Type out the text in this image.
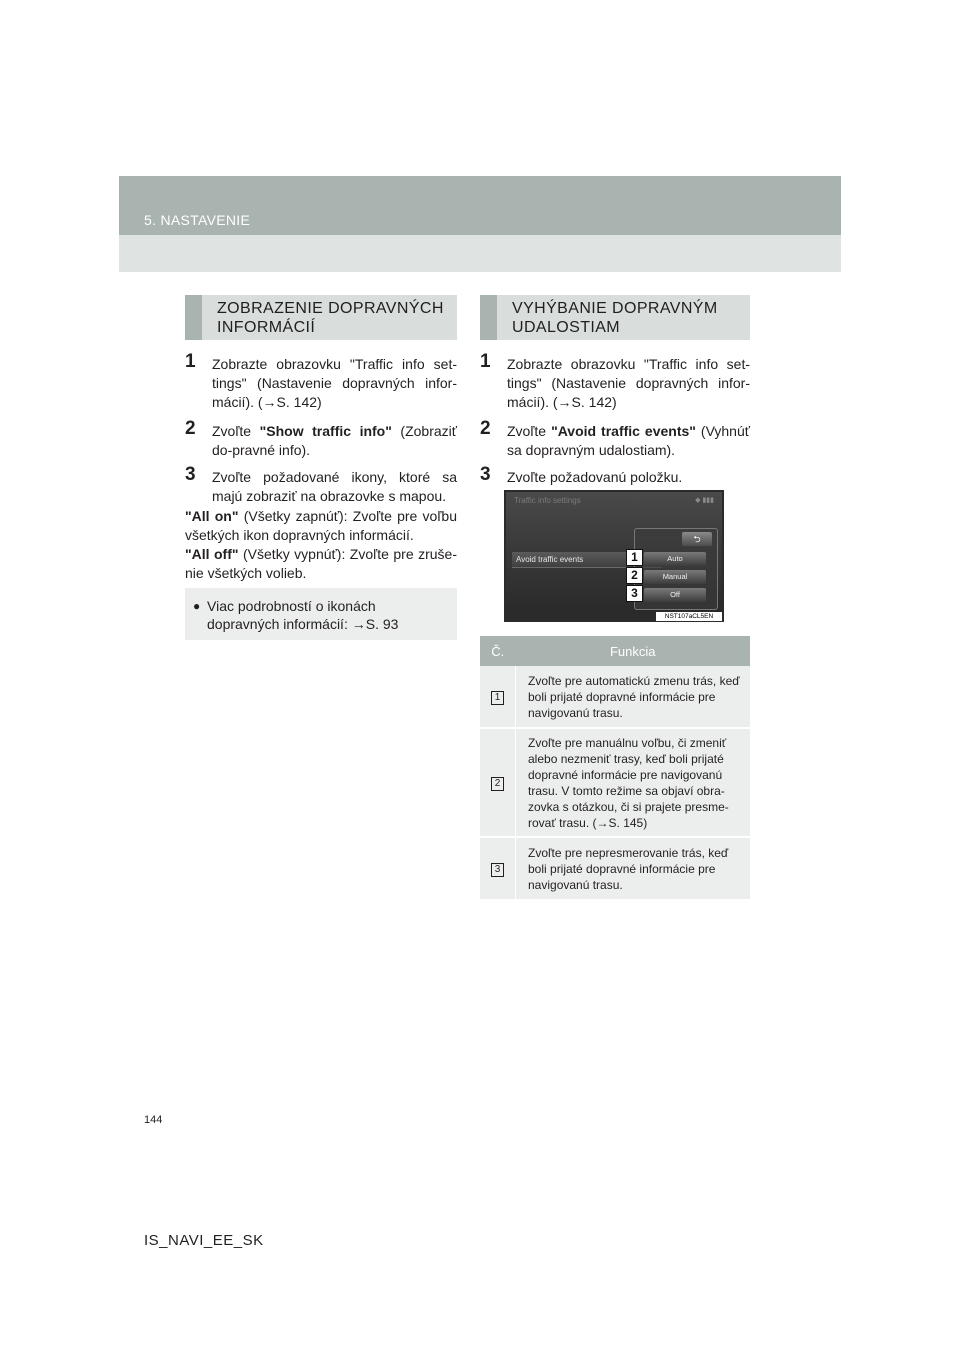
5. NASTAVENIE
ZOBRAZENIE DOPRAVNÝCH INFORMÁCIÍ
1 Zobrazte obrazovku "Traffic info set-tings" (Nastavenie dopravných infor-mácií). (→S. 142)
2 Zvoľte "Show traffic info" (Zobraziť do-pravné info).
3 Zvoľte požadované ikony, ktoré sa majú zobraziť na obrazovke s mapou.
"All on" (Všetky zapnúť): Zvoľte pre voľbu všetkých ikon dopravných informácií.
"All off" (Všetky vypnúť): Zvoľte pre zruše-nie všetkých volieb.
● Viac podrobností o ikonách dopravných informácií: →S. 93
VYHÝBANIE DOPRAVNÝM UDALOSTIAM
1 Zobrazte obrazovku "Traffic info set-tings" (Nastavenie dopravných infor-mácií). (→S. 142)
2 Zvoľte "Avoid traffic events" (Vyhnúť sa dopravným udalostiam).
3 Zvoľte požadovanú položku.
Traffic info settings	◆ ▮▮▮
Avoid traffic events
⮌
Auto
Manual
Off
1
2
3
NST107aCL5EN
Č.	Funkcia
1	Zvoľte pre automatickú zmenu trás, keď boli prijaté dopravné informácie pre navigovanú trasu.
2	Zvoľte pre manuálnu voľbu, či zmeniť alebo nezmeniť trasy, keď boli prijaté dopravné informácie pre navigovanú trasu. V tomto režime sa objaví obra-zovka s otázkou, či si prajete presme-rovať trasu. (→S. 145)
3	Zvoľte pre nepresmerovanie trás, keď boli prijaté dopravné informácie pre navigovanú trasu.
144
IS_NAVI_EE_SK
